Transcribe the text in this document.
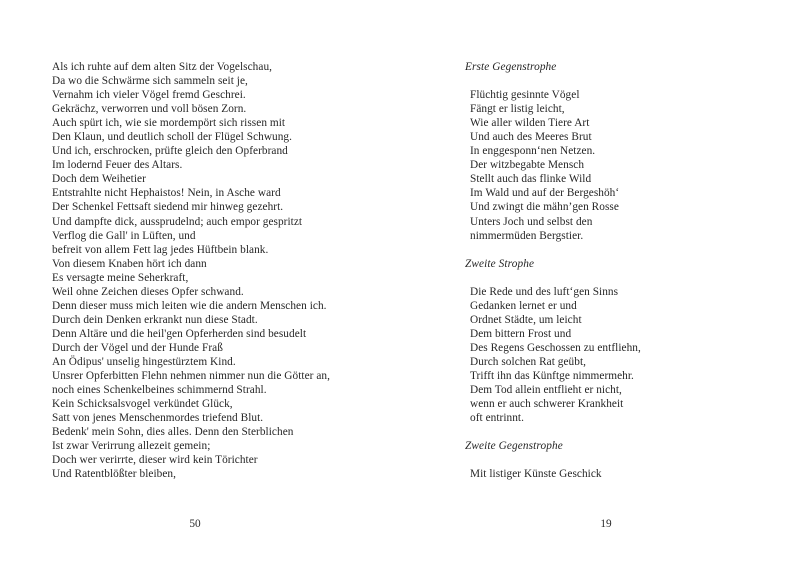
Als ich ruhte auf dem alten Sitz der Vogelschau,
Da wo die Schwärme sich sammeln seit je,
Vernahm ich vieler Vögel fremd Geschrei.
Gekrächz, verworren und voll bösen Zorn.
Auch spürt ich, wie sie mordempört sich rissen mit
Den Klaun, und deutlich scholl der Flügel Schwung.
Und ich, erschrocken, prüfte gleich den Opferbrand
Im lodernd Feuer des Altars.
Doch dem Weihetier
Entstrahlte nicht Hephaistos! Nein, in Asche ward
Der Schenkel Fettsaft siedend mir hinweg gezehrt.
Und dampfte dick, aussprudelnd; auch empor gespritzt
Verflog die Gall' in Lüften, und
befreit von allem Fett lag jedes Hüftbein blank.
Von diesem Knaben hört ich dann
Es versagte meine Seherkraft,
Weil ohne Zeichen dieses Opfer schwand.
Denn dieser muss mich leiten wie die andern Menschen ich.
Durch dein Denken erkrankt nun diese Stadt.
Denn Altäre und die heil'gen Opferherden sind besudelt
Durch der Vögel und der Hunde Fraß
An Ödipus' unselig hingestürztem Kind.
Unsrer Opferbitten Flehn nehmen nimmer nun die Götter an,
noch eines Schenkelbeines schimmernd Strahl.
Kein Schicksalsvogel verkündet Glück,
Satt von jenes Menschenmordes triefend Blut.
Bedenk' mein Sohn, dies alles. Denn den Sterblichen
Ist zwar Verirrung allezeit gemein;
Doch wer verirrte, dieser wird kein Törichter
Und Ratentblößter bleiben,
Erste Gegenstrophe

Flüchtig gesinnte Vögel
Fängt er listig leicht,
Wie aller wilden Tiere Art
Und auch des Meeres Brut
In enggesponn‘nen Netzen.
Der witzbegabte Mensch
Stellt auch das flinke Wild
Im Wald und auf der Bergeshöh‘
Und zwingt die mähn’gen Rosse
Unters Joch und selbst den
nimmermüden Bergstier.

Zweite Strophe

Die Rede und des luft‘gen Sinns
Gedanken lernet er und
Ordnet Städte, um leicht
Dem bittern Frost und
Des Regens Geschossen zu entfliehn,
Durch solchen Rat geübt,
Trifft ihn das Künftge nimmermehr.
Dem Tod allein entflieht er nicht,
wenn er auch schwerer Krankheit
oft entrinnt.

Zweite Gegenstrophe

Mit listiger Künste Geschick
50	19
